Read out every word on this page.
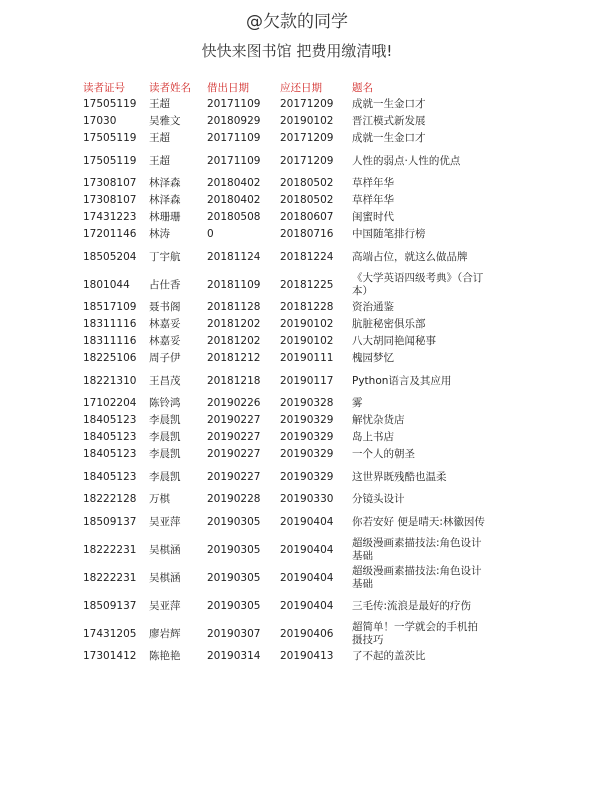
@欠款的同学
快快来图书馆 把费用缴清哦!
读者证号	读者姓名	借出日期	应还日期	题名
17505119	王超	20171109	20171209	成就一生金口才
17030	吴雅文	20180929	20190102	晋江模式新发展
17505119	王超	20171109	20171209	成就一生金口才
17505119	王超	20171109	20171209	人性的弱点·人性的优点
17308107	林泽森	20180402	20180502	草样年华
17308107	林泽森	20180402	20180502	草样年华
17431223	林珊珊	20180508	20180607	闺蜜时代
17201146	林涛	0	20180716	中国随笔排行榜
18505204	丁宇航	20181124	20181224	高端占位，就这么做品牌
1801044	占仕香	20181109	20181225	《大学英语四级考典》（合订本）
18517109	聂书阁	20181128	20181228	资治通鉴
18311116	林嘉妥	20181202	20190102	肮脏秘密俱乐部
18311116	林嘉妥	20181202	20190102	八大胡同艳闻秘事
18225106	周子伊	20181212	20190111	槐园梦忆
18221310	王昌茂	20181218	20190117	Python语言及其应用
17102204	陈铃鸿	20190226	20190328	雾
18405123	李晨凯	20190227	20190329	解忧杂货店
18405123	李晨凯	20190227	20190329	岛上书店
18405123	李晨凯	20190227	20190329	一个人的朝圣
18405123	李晨凯	20190227	20190329	这世界既残酷也温柔
18222128	万棋	20190228	20190330	分镜头设计
18509137	吴亚萍	20190305	20190404	你若安好 便是晴天:林徽因传
18222231	吴棋涵	20190305	20190404	超级漫画素描技法:角色设计基础
18222231	吴棋涵	20190305	20190404	超级漫画素描技法:角色设计基础
18509137	吴亚萍	20190305	20190404	三毛传:流浪是最好的疗伤
17431205	廖岩辉	20190307	20190406	超简单！一学就会的手机拍摄技巧
17301412	陈艳艳	20190314	20190413	了不起的盖茨比
